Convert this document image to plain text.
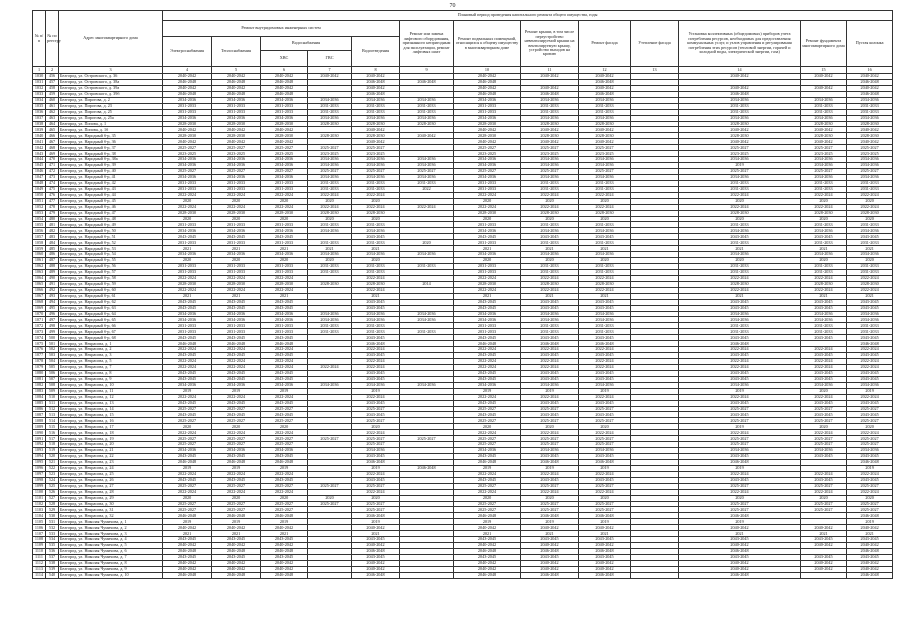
70
№ п/п	№ по реестру	Адрес многоквартирного дома	Плановый период проведения капитального ремонта общего имущества, годы												
			Ремонт внутридомовых инженерных систем					Ремонт или замена лифтового оборудования, признанного непригодным для эксплуатации, ремонт лифтовых шахт	Ремонт подвальных помещений, относящихся к общему имуществу в многоквартирном доме	Ремонт крыши, в том числе переустройство невентилируемой крыши на вентилируемую крышу, устройство выходов на кровлю	Ремонт фасада	Утепление фасада	Установка коллективных (общедомовых) приборов учета потребления ресурсов, необходимых для предоставления коммунальных услуг, и узлов управления и регулирования потребления этих ресурсов (тепловой энергии, горячей и холодной воды, электрической энергии, газа)	Ремонт фундамента многоквартирного дома	Пустая колонка
			Электроснабжения	Теплоснабжения	Водоснабжения		Водоотведения								
					ХВС	ГВС									
1	2	3	4	5	6	7	8	9	10	11	12	13	14	15	16
1030	456	Белгород, ул. Островского, д. 36	2040-2042	2040-2042	2040-2042	2040-2042	2040-2042		2040-2042	2040-2042	2040-2042		2040-2042	2040-2042	2040-2042
1031	457	Белгород, ул. Островского, д. 38а	2046-2048	2046-2048	2046-2048		2046-2048	2046-2048	2046-2048		2046-2048				2046-2048
1032	458	Белгород, ул. Островского, д. 39а	2040-2042	2040-2042	2040-2042		2040-2042		2040-2042	2040-2042	2040-2042		2040-2042	2040-2042	2040-2042
1033	459	Белгород, ул. Островского, д. 39б	2046-2048	2046-2048	2046-2048		2046-2048		2046-2048	2046-2048	2046-2048		2046-2048		2046-2048
1034	460	Белгород, ул. Пирогова, д. 2	2034-2036	2034-2036	2034-2036	2034-2036	2034-2036	2034-2036	2034-2036	2034-2036	2034-2036		2034-2036	2034-2036	2034-2036
1035	461	Белгород, ул. Пирогова, д. 23	2031-2033	2031-2033	2031-2033	2031-2033	2031-2033	2031-2033	2031-2033	2031-2033	2031-2033		2031-2033	2031-2033	2031-2033
1036	462	Белгород, ул. Пирогова, д. 25	2031-2033	2031-2033	2031-2033	2031-2033	2031-2033	2031-2033	2031-2033	2031-2033	2031-2033		2031-2033	2031-2033	2031-2033
1037	463	Белгород, ул. Пирогова, д. 25а	2034-2036	2034-2036	2034-2036	2034-2036	2034-2036	2034-2036	2034-2036	2034-2036	2034-2036		2034-2036	2034-2036	2034-2036
1038	464	Белгород, ул. Попова, д. 1	2028-2030	2028-2030	2028-2030	2028-2030	2028-2030	2028-2030	2028-2030	2028-2030	2028-2030		2028-2030	2028-2030	2028-2030
1039	465	Белгород, ул. Попова, д. 1б	2040-2042	2040-2042	2040-2042		2040-2042		2040-2042	2040-2042	2040-2042		2040-2042	2040-2042	2040-2042
1040	466	Белгород, ул. Народный б-р, 35	2028-2030	2028-2030	2028-2030	2028-2030	2028-2030	2040-2042	2028-2030	2028-2030	2028-2030		2028-2030	2028-2030	2028-2030
1041	467	Белгород, ул. Народный б-р, 36	2040-2042	2040-2042	2040-2042		2040-2042		2040-2042	2040-2042	2040-2042		2040-2042	2040-2042	2040-2042
1042	468	Белгород, ул. Народный б-р, 37	2025-2027	2025-2027	2025-2027	2025-2027	2025-2027		2025-2027	2025-2027	2025-2027		2025-2027	2025-2027	2025-2027
1043	469	Белгород, ул. Народный б-р, 38	2023-2025	2023-2025	2023-2025	2023-2025	2023-2025		2023-2025	2023-2025	2023-2025		2023-2025	2023-2025	2023-2025
1044	470	Белгород, ул. Народный б-р, 38а	2034-2036	2034-2036	2034-2036	2034-2036	2034-2036	2034-2036	2034-2036	2034-2036	2034-2036		2034-2036	2034-2036	2034-2036
1045	471	Белгород, ул. Народный б-р, 39	2034-2036	2034-2036	2034-2036	2034-2036	2034-2036	2034-2036	2034-2036	2034-2036	2034-2036		2019	2034-2036	2034-2036
1046	472	Белгород, ул. Народный б-р, 40	2025-2027	2025-2027	2025-2027	2025-2027	2025-2027	2025-2027	2025-2027	2025-2027	2025-2027		2025-2027	2025-2027	2025-2027
1047	473	Белгород, ул. Народный б-р, 41	2034-2036	2034-2036	2034-2036	2034-2036	2034-2036	2034-2036	2034-2036	2034-2036	2034-2036		2034-2036	2034-2036	2034-2036
1048	474	Белгород, ул. Народный б-р, 42	2031-2033	2031-2033	2031-2033	2031-2033	2031-2033	2031-2033	2031-2033	2031-2033	2031-2033		2031-2033	2031-2033	2031-2033
1049	475	Белгород, ул. Народный б-р, 43	2031-2033	2031-2033	2031-2033	2031-2033	2031-2033	2022	2031-2033	2031-2033	2031-2033		2031-2033	2031-2033	2031-2033
1050	476	Белгород, ул. Народный б-р, 44	2022-2024	2022-2024	2022-2024	2022-2024	2022-2024		2022-2024	2022-2024	2022-2024		2022-2024	2022-2024	2022-2024
1051	477	Белгород, ул. Народный б-р, 45	2020	2020	2020	2020	2020		2020	2020	2020		2020	2020	2020
1052	478	Белгород, ул. Народный б-р, 46	2022-2024	2022-2024	2022-2024	2022-2024	2022-2024	2022-2024	2022-2024	2022-2024	2022-2024		2022-2024	2022-2024	2022-2024
1053	479	Белгород, ул. Народный б-р, 47	2028-2030	2028-2030	2028-2030	2028-2030	2028-2030		2028-2030	2028-2030	2028-2030		2028-2030	2028-2030	2028-2030
1054	480	Белгород, ул. Народный б-р, 48	2020	2020	2020	2020	2020		2020	2020	2020		2020	2020	2020
1055	481	Белгород, ул. Народный б-р, 49	2031-2033	2031-2033	2031-2033	2031-2033	2031-2033		2031-2033	2031-2033	2031-2033		2031-2033	2031-2033	2031-2033
1056	482	Белгород, ул. Народный б-р, 50	2034-2036	2034-2036	2034-2036	2034-2036	2034-2036		2034-2036	2034-2036	2034-2036		2034-2036	2034-2036	2034-2036
1057	483	Белгород, ул. Народный б-р, 51	2043-2045	2043-2045	2043-2045		2043-2045		2043-2045	2043-2045	2043-2045		2043-2045	2043-2045	2043-2045
1058	484	Белгород, ул. Народный б-р, 52	2031-2033	2031-2033	2031-2033	2031-2033	2031-2033	2020	2031-2033	2031-2033	2031-2033		2031-2033	2031-2033	2031-2033
1059	485	Белгород, ул. Народный б-р, 53	2021	2021	2021	2021	2021		2021	2021	2021		2021	2021	2021
1060	486	Белгород, ул. Народный б-р, 54	2034-2036	2034-2036	2034-2036	2034-2036	2034-2036	2034-2036	2034-2036	2034-2036	2034-2036		2034-2036	2034-2036	2034-2036
1061	487	Белгород, ул. Народный б-р, 55	2020	2020	2020	2020	2020		2020	2020	2020		2020	2020	2020
1062	488	Белгород, ул. Народный б-р, 56	2031-2033	2031-2033	2031-2033	2031-2033	2031-2033	2031-2033	2031-2033	2031-2033	2031-2033		2031-2033	2031-2033	2031-2033
1063	489	Белгород, ул. Народный б-р, 57	2031-2033	2031-2033	2031-2033	2031-2033	2031-2033		2031-2033	2031-2033	2031-2033		2031-2033	2031-2033	2031-2033
1064	490	Белгород, ул. Народный б-р, 58	2022-2024	2022-2024	2022-2024		2022-2024		2022-2024	2022-2024	2022-2024		2022-2024	2022-2024	2022-2024
1065	491	Белгород, ул. Народный б-р, 59	2028-2030	2028-2030	2028-2030	2028-2030	2028-2030	2014	2028-2030	2028-2030	2028-2030		2028-2030	2028-2030	2028-2030
1066	492	Белгород, ул. Народный б-р, 60	2022-2024	2022-2024	2022-2024		2022-2024		2022-2024	2022-2024	2022-2024		2022-2024	2022-2024	2022-2024
1067	493	Белгород, ул. Народный б-р, 61	2021	2021	2021		2021		2021	2021	2021		2021	2021	2021
1068	494	Белгород, ул. Народный б-р, 62	2043-2045	2043-2045	2043-2045		2043-2045		2043-2045	2043-2045	2043-2045		2043-2045	2043-2045	2043-2045
1069	495	Белгород, ул. Народный б-р, 63	2043-2045	2043-2045	2043-2045		2043-2045		2043-2045	2043-2045	2043-2045		2043-2045	2043-2045	2043-2045
1070	496	Белгород, ул. Народный б-р, 64	2034-2036	2034-2036	2034-2036	2034-2036	2034-2036	2034-2036	2034-2036	2034-2036	2034-2036		2034-2036	2034-2036	2034-2036
1071	497	Белгород, ул. Народный б-р, 65	2034-2036	2034-2036	2034-2036	2034-2036	2034-2036	2034-2036	2034-2036	2034-2036	2034-2036		2034-2036	2034-2036	2034-2036
1072	498	Белгород, ул. Народный б-р, 66	2031-2033	2031-2033	2031-2033	2031-2033	2031-2033		2031-2033	2031-2033	2031-2033		2031-2033	2031-2033	2031-2033
1073	499	Белгород, ул. Народный б-р, 67	2031-2033	2031-2033	2031-2033	2031-2033	2031-2033	2031-2033	2031-2033	2031-2033	2031-2033		2031-2033	2031-2033	2031-2033
1074	500	Белгород, ул. Народный б-р, 68	2043-2045	2043-2045	2043-2045		2043-2045		2043-2045	2043-2045	2043-2045		2043-2045	2043-2045	2043-2045
1075	501	Белгород, ул. Некрасова, д. 1	2046-2048	2046-2048	2046-2048		2046-2048		2046-2048	2046-2048	2046-2048		2046-2048		2046-2048
1076	502	Белгород, ул. Некрасова, д. 2	2022-2024	2022-2024	2022-2024		2022-2024		2022-2024	2022-2024	2022-2024		2022-2024	2022-2024	2022-2024
1077	503	Белгород, ул. Некрасова, д. 3	2043-2045	2043-2045	2043-2045		2043-2045		2043-2045	2043-2045	2043-2045		2043-2045	2043-2045	2043-2045
1078	504	Белгород, ул. Некрасова, д. 5	2022-2024	2022-2024	2022-2024		2022-2024		2022-2024	2022-2024	2022-2024		2022-2024	2022-2024	2022-2024
1079	505	Белгород, ул. Некрасова, д. 7	2022-2024	2022-2024	2022-2024	2022-2024	2022-2024		2022-2024	2022-2024	2022-2024		2022-2024	2022-2024	2022-2024
1080	506	Белгород, ул. Некрасова, д. 8	2043-2045	2043-2045	2043-2045		2043-2045		2043-2045	2043-2045	2043-2045		2043-2045	2043-2045	2043-2045
1081	507	Белгород, ул. Некрасова, д. 9	2043-2045	2043-2045	2043-2045		2043-2045		2043-2045	2043-2045	2043-2045		2043-2045	2043-2045	2043-2045
1082	508	Белгород, ул. Некрасова, д. 10	2034-2036	2034-2036	2034-2036	2034-2036	2034-2036	2034-2036	2034-2036	2034-2036	2034-2036		2034-2036	2034-2036	2034-2036
1083	509	Белгород, ул. Некрасова, д. 11	2019	2019	2019		2019		2019	2019	2019		2019	2020	2019
1084	510	Белгород, ул. Некрасова, д. 12	2022-2024	2022-2024	2022-2024		2022-2024		2022-2024	2022-2024	2022-2024		2022-2024	2022-2024	2022-2024
1085	511	Белгород, ул. Некрасова, д. 13	2043-2045	2043-2045	2043-2045		2043-2045		2043-2045	2043-2045	2043-2045		2043-2045	2043-2045	2043-2045
1086	512	Белгород, ул. Некрасова, д. 14	2025-2027	2025-2027	2025-2027		2025-2027		2025-2027	2025-2027	2025-2027		2025-2027	2025-2027	2025-2027
1087	513	Белгород, ул. Некрасова, д. 15	2043-2045	2043-2045	2043-2045		2043-2045		2043-2045	2043-2045	2043-2045		2043-2045	2043-2045	2043-2045
1088	514	Белгород, ул. Некрасова, д. 16	2025-2027	2025-2027	2025-2027		2025-2027		2025-2027	2025-2027	2025-2027		2025-2027	2025-2027	2025-2027
1089	515	Белгород, ул. Некрасова, д. 17	2020	2020	2020		2020		2020	2020	2020		2019	2020	2020
1090	516	Белгород, ул. Некрасова, д. 18	2022-2024	2022-2024	2022-2024		2022-2024		2022-2024	2022-2024	2022-2024		2022-2024	2022-2024	2022-2024
1091	517	Белгород, ул. Некрасова, д. 19	2025-2027	2025-2027	2025-2027	2025-2027	2025-2027	2025-2027	2025-2027	2025-2027	2025-2027		2025-2027	2025-2027	2025-2027
1092	518	Белгород, ул. Некрасова, д. 20	2025-2027	2025-2027	2025-2027		2025-2027		2025-2027	2025-2027	2025-2027		2025-2027	2025-2027	2025-2027
1093	519	Белгород, ул. Некрасова, д. 21	2034-2036	2034-2036	2034-2036		2034-2036		2034-2036	2034-2036	2034-2036		2034-2036	2034-2036	2034-2036
1094	520	Белгород, ул. Некрасова, д. 22	2043-2045	2043-2045	2043-2045		2043-2045		2043-2045	2043-2045	2043-2045		2043-2045	2043-2045	2043-2045
1095	521	Белгород, ул. Некрасова, д. 23	2046-2048	2046-2048	2046-2048		2046-2048		2046-2048	2046-2048	2046-2048		2046-2048		2046-2048
1096	522	Белгород, ул. Некрасова, д. 24	2019	2019	2019		2019	2046-2048	2019	2019	2019		2019		2019
1097	523	Белгород, ул. Некрасова, д. 25	2022-2024	2022-2024	2022-2024		2022-2024		2022-2024	2022-2024	2022-2024		2022-2024	2022-2024	2022-2024
1098	524	Белгород, ул. Некрасова, д. 26	2043-2045	2043-2045	2043-2045		2043-2045		2043-2045	2043-2045	2043-2045		2043-2045	2043-2045	2043-2045
1099	525	Белгород, ул. Некрасова, д. 27	2025-2027	2025-2027	2025-2027	2025-2027	2025-2027		2025-2027	2025-2027	2025-2027		2025-2027	2025-2027	2025-2027
1100	526	Белгород, ул. Некрасова, д. 28	2022-2024	2022-2024	2022-2024		2022-2024		2022-2024	2022-2024	2022-2024		2022-2024	2022-2024	2022-2024
1101	527	Белгород, ул. Некрасова, д. 29	2020	2020	2020	2020	2020		2020	2020	2020		2020	2020	2020
1102	528	Белгород, ул. Некрасова, д. 30	2025-2027	2025-2027	2025-2027	2025-2027	2025-2027		2025-2027	2025-2027	2025-2027		2025-2027	2025-2027	2025-2027
1103	529	Белгород, ул. Некрасова, д. 31	2025-2027	2025-2027	2025-2027		2025-2027		2025-2027	2025-2027	2025-2027		2025-2027	2025-2027	2025-2027
1104	530	Белгород, ул. Некрасова, д. 32	2046-2048	2046-2048	2046-2048		2046-2048		2046-2048	2046-2048	2046-2048		2046-2048		2046-2048
1105	531	Белгород, ул. Николая Чумичова, д. 1	2019	2019	2019		2019		2019	2019	2019		2019		2019
1106	532	Белгород, ул. Николая Чумичова, д. 2	2040-2042	2040-2042	2040-2042		2040-2042		2040-2042	2040-2042	2040-2042		2040-2042	2040-2042	2040-2042
1107	533	Белгород, ул. Николая Чумичова, д. 3	2021	2021	2021		2021		2021	2021	2021		2021	2021	2021
1108	534	Белгород, ул. Николая Чумичова, д. 4	2043-2045	2043-2045	2043-2045		2043-2045		2043-2045	2043-2045	2043-2045		2043-2045	2043-2045	2043-2045
1109	535	Белгород, ул. Николая Чумичова, д. 5	2040-2042	2040-2042	2040-2042		2040-2042		2040-2042	2040-2042	2040-2042		2040-2042	2040-2042	2040-2042
1110	536	Белгород, ул. Николая Чумичова, д. 6	2046-2048	2046-2048	2046-2048		2046-2048		2046-2048	2046-2048	2046-2048		2046-2048		2046-2048
1111	537	Белгород, ул. Николая Чумичова, д. 7	2043-2045	2043-2045	2043-2045		2043-2045		2043-2045	2043-2045	2043-2045		2043-2045	2043-2045	2043-2045
1112	538	Белгород, ул. Николая Чумичова, д. 8	2040-2042	2040-2042	2040-2042		2040-2042		2040-2042	2040-2042	2040-2042		2040-2042	2040-2042	2040-2042
1113	539	Белгород, ул. Николая Чумичова, д. 9	2040-2042	2040-2042	2040-2042		2040-2042		2040-2042	2040-2042	2040-2042		2040-2042	2040-2042	2040-2042
1114	540	Белгород, ул. Николая Чумичова, д. 10	2046-2048	2046-2048	2046-2048		2046-2048		2046-2048	2046-2048	2046-2048		2046-2048		2046-2048
